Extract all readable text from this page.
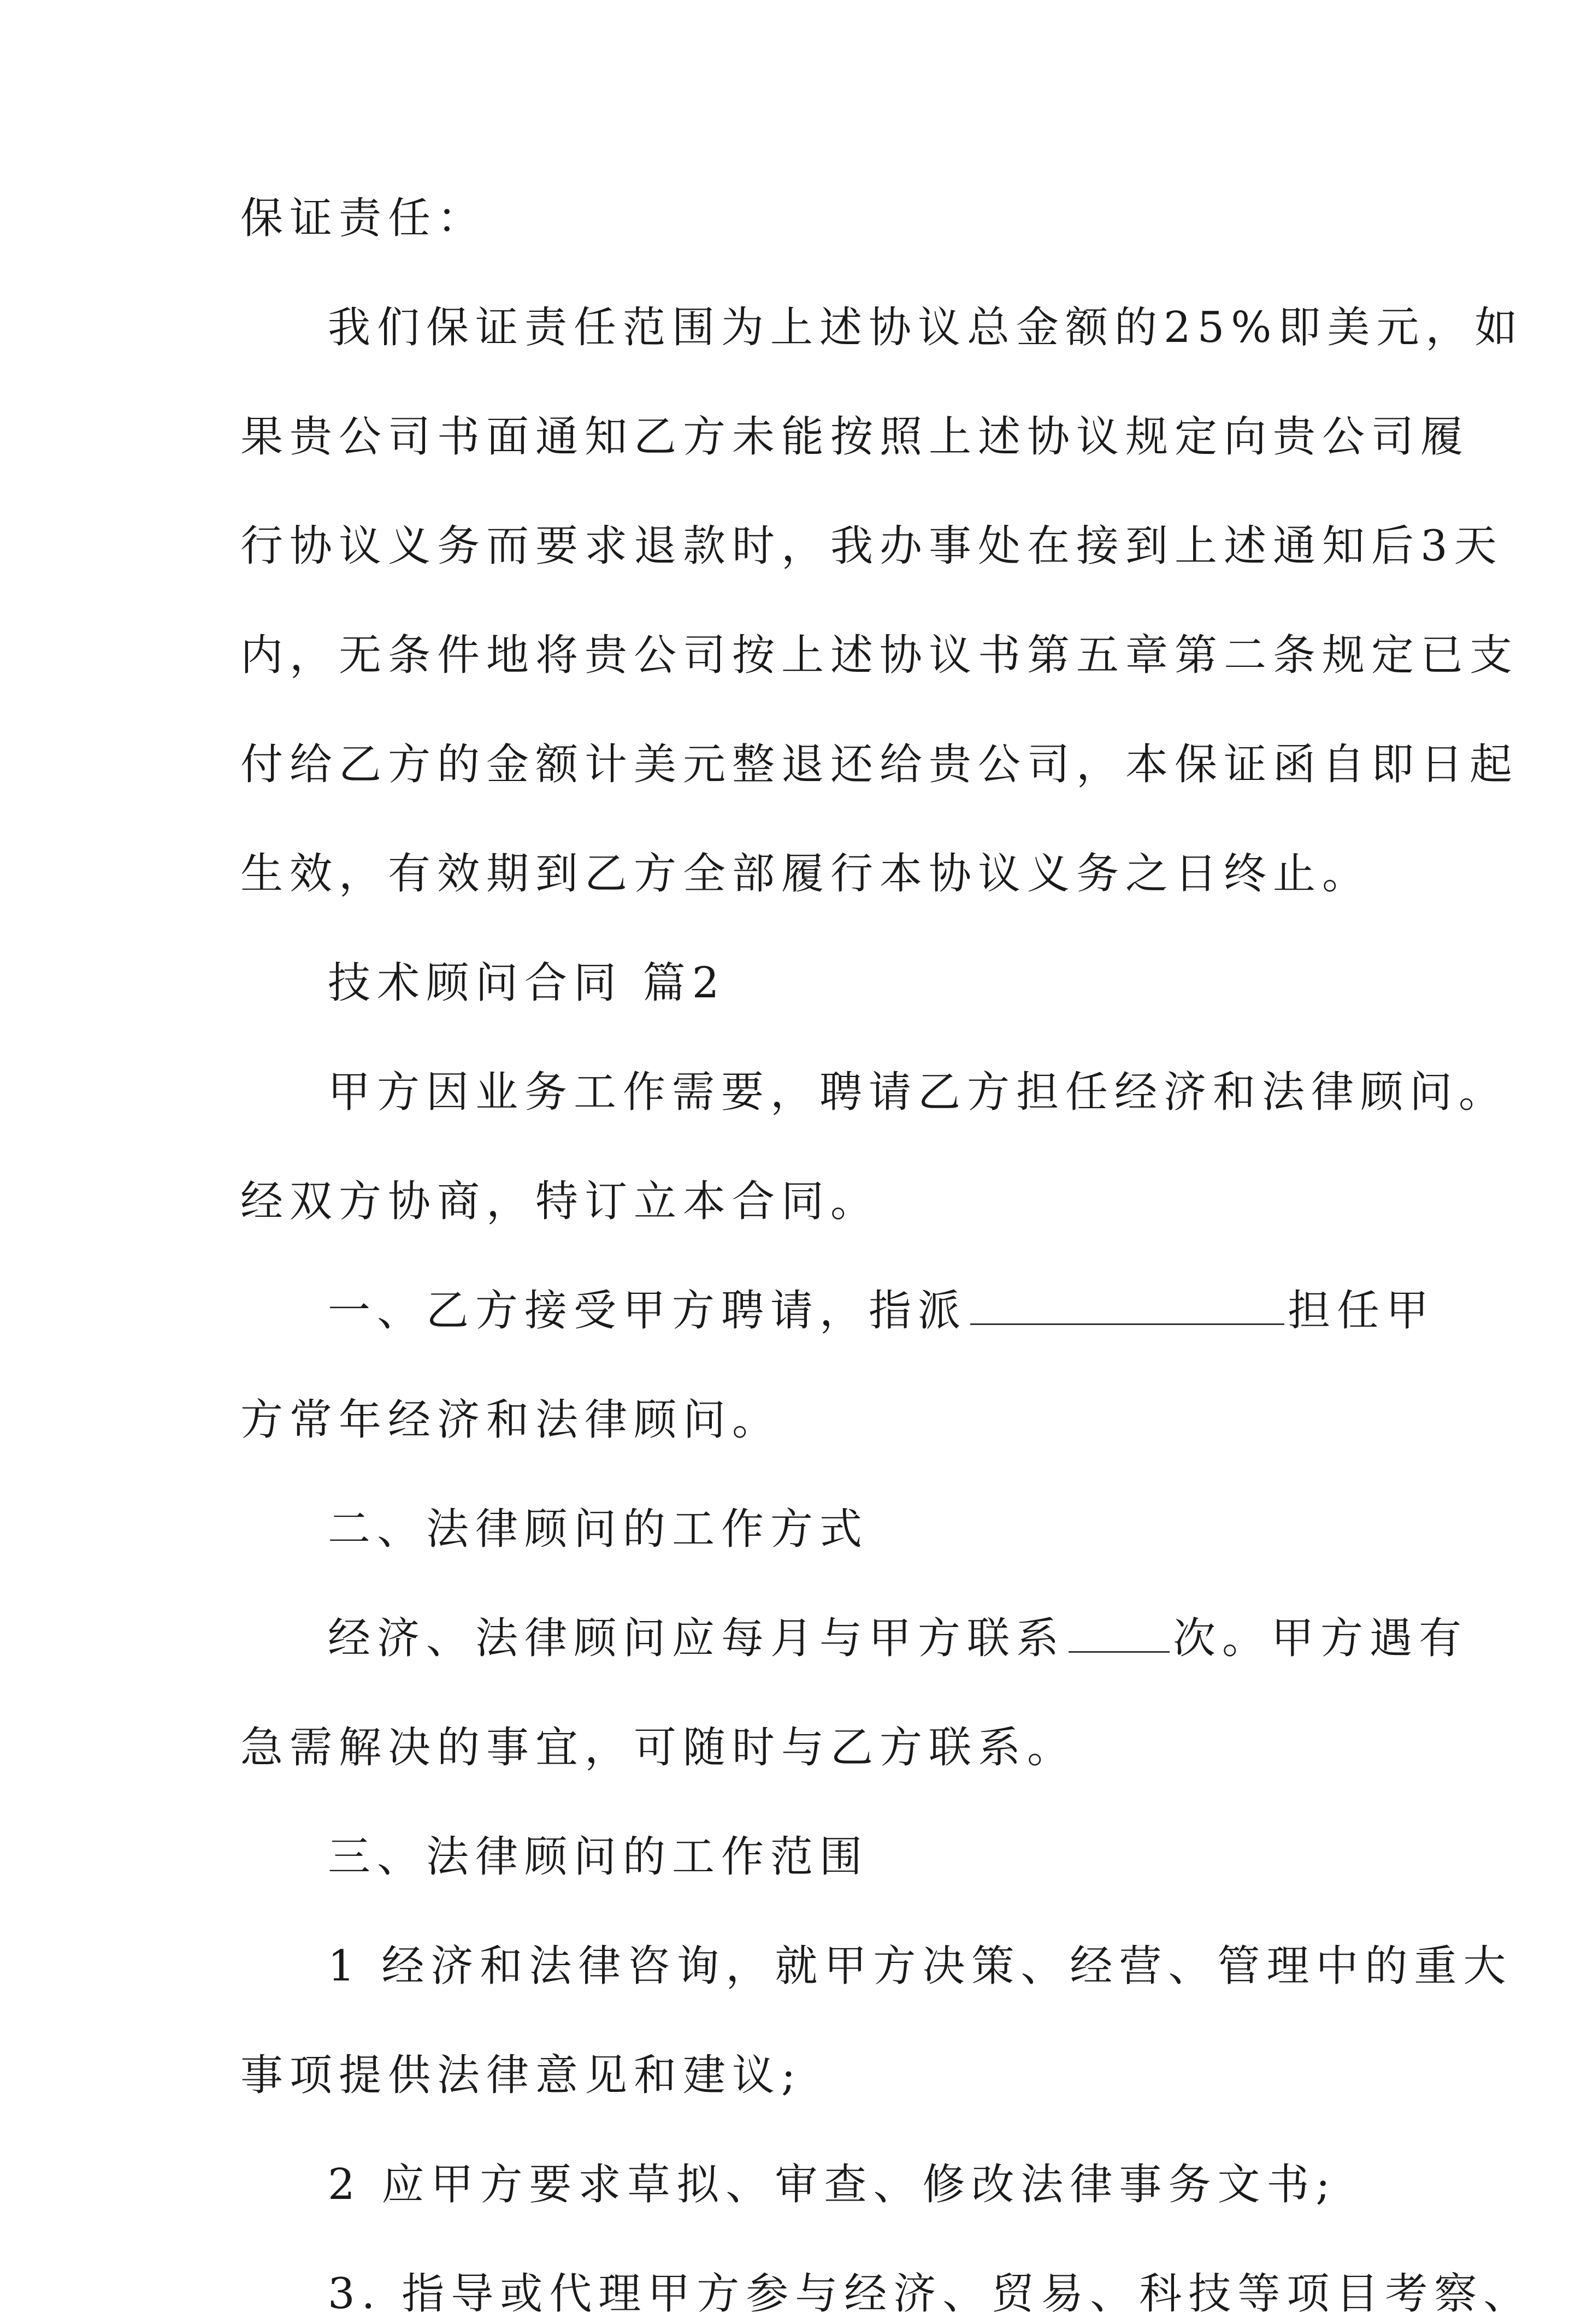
保证责任：
我们保证责任范围为上述协议总金额的25%即美元，如
果贵公司书面通知乙方未能按照上述协议规定向贵公司履
行协议义务而要求退款时，我办事处在接到上述通知后3天
内，无条件地将贵公司按上述协议书第五章第二条规定已支
付给乙方的金额计美元整退还给贵公司，本保证函自即日起
生效，有效期到乙方全部履行本协议义务之日终止。
技术顾问合同 篇2
甲方因业务工作需要，聘请乙方担任经济和法律顾问。
经双方协商，特订立本合同。
一、乙方接受甲方聘请，指派	担任甲
方常年经济和法律顾问。
二、法律顾问的工作方式
经济、法律顾问应每月与甲方联系	次。甲方遇有
急需解决的事宜，可随时与乙方联系。
三、法律顾问的工作范围
1 经济和法律咨询，就甲方决策、经营、管理中的重大
事项提供法律意见和建议;
2 应甲方要求草拟、审查、修改法律事务文书;
3. 指导或代理甲方参与经济、贸易、科技等项目考察、
